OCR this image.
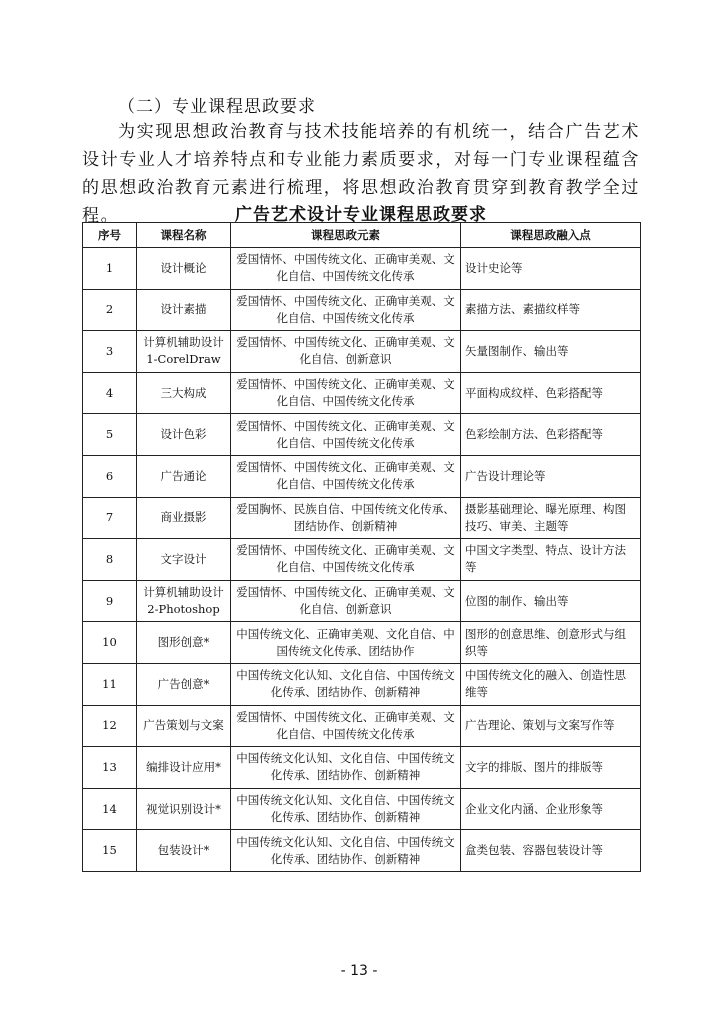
（二）专业课程思政要求

为实现思想政治教育与技术技能培养的有机统一，结合广告艺术设计专业人才培养特点和专业能力素质要求，对每一门专业课程蕴含的思想政治教育元素进行梳理，将思想政治教育贯穿到教育教学全过程。	广告艺术设计专业课程思政要求
序号	课程名称	课程思政元素	课程思政融入点
1	设计概论	爱国情怀、中国传统文化、正确审美观、文化自信、中国传统文化传承	设计史论等
2	设计素描	爱国情怀、中国传统文化、正确审美观、文化自信、中国传统文化传承	素描方法、素描纹样等
3	计算机辅助设计 1-CorelDraw	爱国情怀、中国传统文化、正确审美观、文化自信、创新意识	矢量图制作、输出等
4	三大构成	爱国情怀、中国传统文化、正确审美观、文化自信、中国传统文化传承	平面构成纹样、色彩搭配等
5	设计色彩	爱国情怀、中国传统文化、正确审美观、文化自信、中国传统文化传承	色彩绘制方法、色彩搭配等
6	广告通论	爱国情怀、中国传统文化、正确审美观、文化自信、中国传统文化传承	广告设计理论等
7	商业摄影	爱国胸怀、民族自信、中国传统文化传承、团结协作、创新精神	摄影基础理论、曝光原理、构图技巧、审美、主题等
8	文字设计	爱国情怀、中国传统文化、正确审美观、文化自信、中国传统文化传承	中国文字类型、特点、设计方法等
9	计算机辅助设计 2-Photoshop	爱国情怀、中国传统文化、正确审美观、文化自信、创新意识	位图的制作、输出等
10	图形创意*	中国传统文化、正确审美观、文化自信、中国传统文化传承、团结协作	图形的创意思维、创意形式与组织等
11	广告创意*	中国传统文化认知、文化自信、中国传统文化传承、团结协作、创新精神	中国传统文化的融入、创造性思维等
12	广告策划与文案	爱国情怀、中国传统文化、正确审美观、文化自信、中国传统文化传承	广告理论、策划与文案写作等
13	编排设计应用*	中国传统文化认知、文化自信、中国传统文化传承、团结协作、创新精神	文字的排版、图片的排版等
14	视觉识别设计*	中国传统文化认知、文化自信、中国传统文化传承、团结协作、创新精神	企业文化内涵、企业形象等
15	包装设计*	中国传统文化认知、文化自信、中国传统文化传承、团结协作、创新精神	盒类包装、容器包装设计等
- 13 -
